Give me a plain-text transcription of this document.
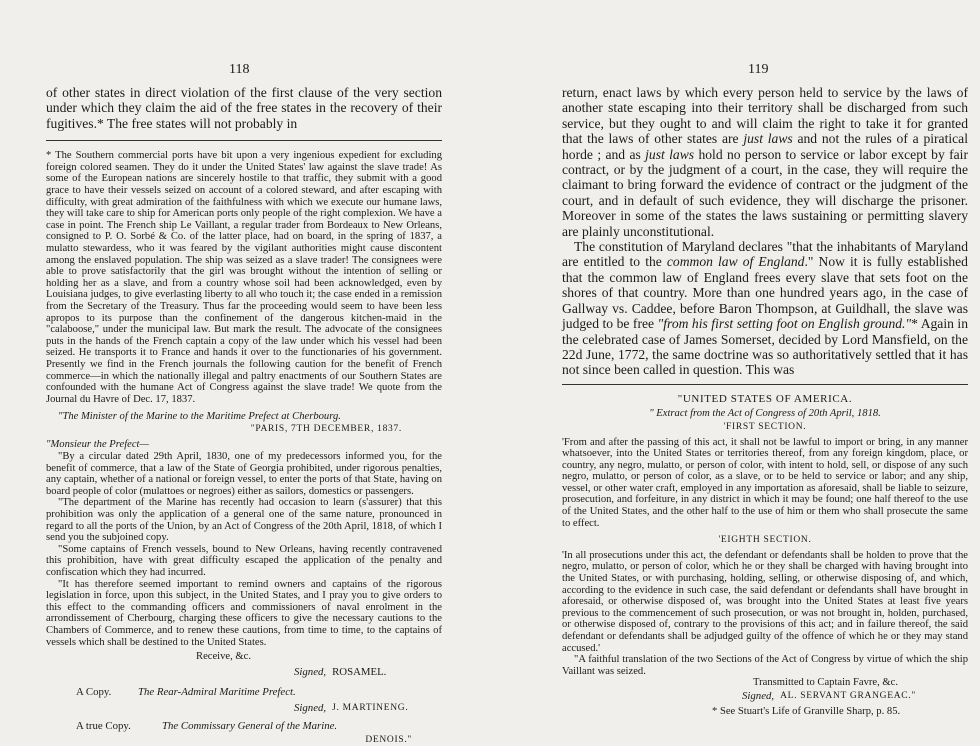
118

of other states in direct violation of the first clause of the very section under which they claim the aid of the free states in the recovery of their fugitives.* The free states will not probably in

* The Southern commercial ports have bit upon a very ingenious expedient for excluding foreign colored seamen. They do it under the United States' law against the slave trade! As some of the European nations are sincerely hostile to that traffic, they submit with a good grace to have their vessels seized on account of a colored steward, and after escaping with difficulty, with great admiration of the faithfulness with which we execute our humane laws, they will take care to ship for American ports only people of the right complexion. We have a case in point. The French ship Le Vaillant, a regular trader from Bordeaux to New Orleans, consigned to P. O. Sorbé & Co. of the latter place, had on board, in the spring of 1837, a mulatto stewardess, who it was feared by the vigilant authorities might cause discontent among the enslaved population. The ship was seized as a slave trader! The consignees were able to prove satisfactorily that the girl was brought without the intention of selling or holding her as a slave, and from a country whose soil had been acknowledged, even by Louisiana judges, to give everlasting liberty to all who touch it; the case ended in a remission from the Secretary of the Treasury. Thus far the proceeding would seem to have been less apropos to its purpose than the confinement of the dangerous kitchen-maid in the "calaboose," under the municipal law. But mark the result. The advocate of the consignees puts in the hands of the French captain a copy of the law under which his vessel had been seized. He transports it to France and hands it over to the functionaries of his government. Presently we find in the French journals the following caution for the benefit of French commerce—in which the nationally illegal and paltry enactments of our Southern States are confounded with the humane Act of Congress against the slave trade! We quote from the Journal du Havre of Dec. 17, 1837.

"The Minister of the Marine to the Maritime Prefect at Cherbourg.

"PARIS, 7TH DECEMBER, 1837.

"Monsieur the Prefect—

"By a circular dated 29th April, 1830, one of my predecessors informed you, for the benefit of commerce, that a law of the State of Georgia prohibited, under rigorous penalties, any captain, whether of a national or foreign vessel, to enter the ports of that State, having on board people of color (mulattoes or negroes) either as sailors, domestics or passengers.

"The department of the Marine has recently had occasion to learn (s'assurer) that this prohibition was only the application of a general one of the same nature, pronounced in regard to all the ports of the Union, by an Act of Congress of the 20th April, 1818, of which I send you the subjoined copy.

"Some captains of French vessels, bound to New Orleans, having recently contravened this prohibition, have with great difficulty escaped the application of the penalty and confiscation which they had incurred.

"It has therefore seemed important to remind owners and captains of the rigorous legislation in force, upon this subject, in the United States, and I pray you to give orders to this effect to the commanding officers and commissioners of naval enrolment in the arrondissement of Cherbourg, charging these officers to give the necessary cautions to the Chambers of Commerce, and to renew these cautions, from time to time, to the captains of vessels which shall be destined to the United States.

Receive, &c.

Signed, ROSAMEL.
A Copy.	The Rear-Admiral Maritime Prefect.
Signed, J. MARTINENG.
A true Copy.	The Commissary General of the Marine.

DENOIS."

119

return, enact laws by which every person held to service by the laws of another state escaping into their territory shall be discharged from such service, but they ought to and will claim the right to take it for granted that the laws of other states are just laws and not the rules of a piratical horde ; and as just laws hold no person to service or labor except by fair contract, or by the judgment of a court, in the case, they will require the claimant to bring forward the evidence of contract or the judgment of the court, and in default of such evidence, they will discharge the prisoner. Moreover in some of the states the laws sustaining or permitting slavery are plainly unconstitutional.

The constitution of Maryland declares "that the inhabitants of Maryland are entitled to the common law of England." Now it is fully established that the common law of England frees every slave that sets foot on the shores of that country. More than one hundred years ago, in the case of Gallway vs. Caddee, before Baron Thompson, at Guildhall, the slave was judged to be free "from his first setting foot on English ground."* Again in the celebrated case of James Somerset, decided by Lord Mansfield, on the 22d June, 1772, the same doctrine was so authoritatively settled that it has not since been called in question. This was

"UNITED STATES OF AMERICA.

" Extract from the Act of Congress of 20th April, 1818.

'FIRST SECTION.

'From and after the passing of this act, it shall not be lawful to import or bring, in any manner whatsoever, into the United States or territories thereof, from any foreign kingdom, place, or country, any negro, mulatto, or person of color, with intent to hold, sell, or dispose of any such negro, mulatto, or person of color, as a slave, or to be held to service or labor; and any ship, vessel, or other water craft, employed in any importation as aforesaid, shall be liable to seizure, prosecution, and forfeiture, in any district in which it may be found; one half thereof to the use of the United States, and the other half to the use of him or them who shall prosecute the same to effect.

'EIGHTH SECTION.

'In all prosecutions under this act, the defendant or defendants shall be holden to prove that the negro, mulatto, or person of color, which he or they shall be charged with having brought into the United States, or with purchasing, holding, selling, or otherwise disposing of, and which, according to the evidence in such case, the said defendant or defendants shall have brought in aforesaid, or otherwise disposed of, was brought into the United States at least five years previous to the commencement of such prosecution, or was not brought in, holden, purchased, or otherwise disposed of, contrary to the provisions of this act; and in failure thereof, the said defendant or defendants shall be adjudged guilty of the offence of which he or they may stand accused.'

"A faithful translation of the two Sections of the Act of Congress by virtue of which the ship Vaillant was seized.

Transmitted to Captain Favre, &c.

Signed, AL. SERVANT GRANGEAC."

* See Stuart's Life of Granville Sharp, p. 85.
